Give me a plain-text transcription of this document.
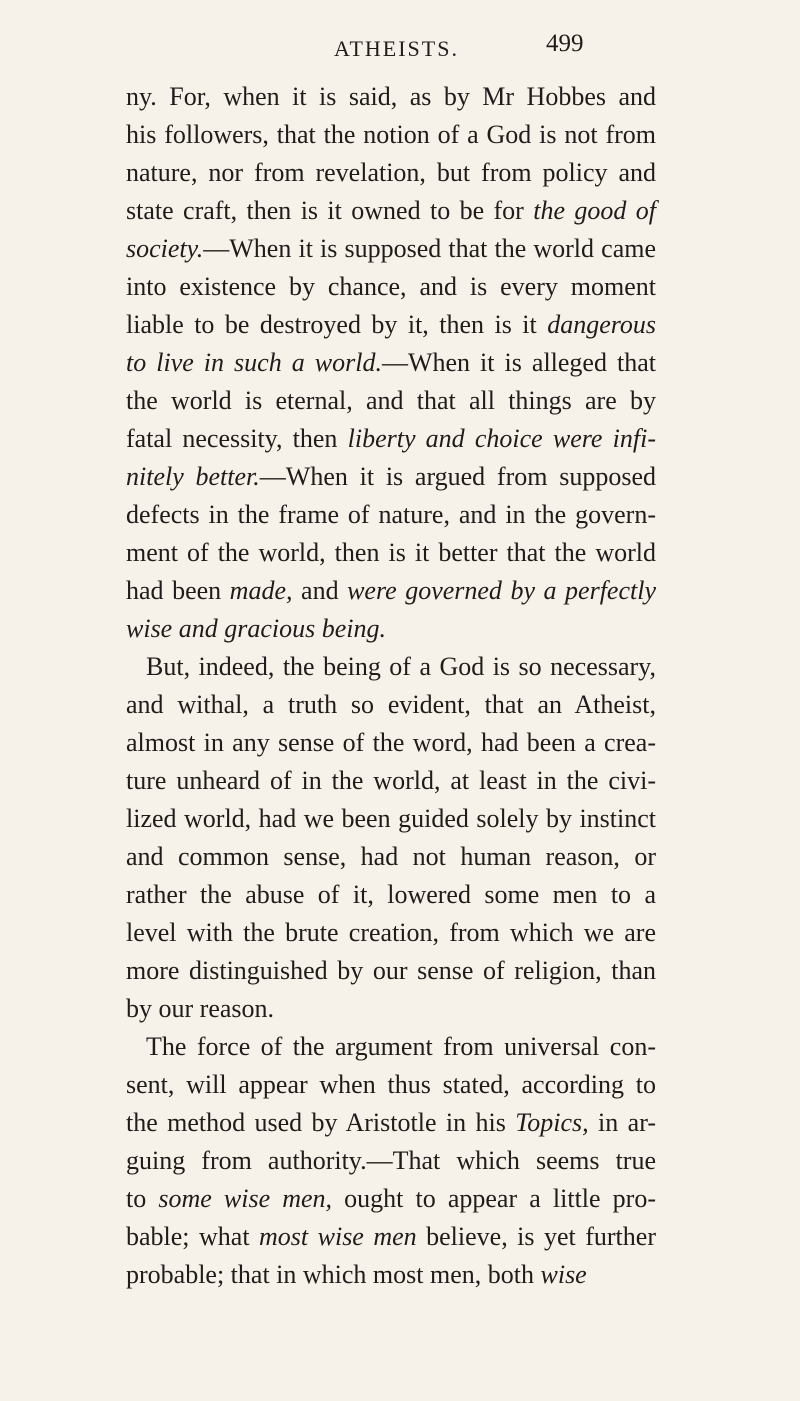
ATHEISTS.	499
ny. For, when it is said, as by Mr Hobbes and
his followers, that the notion of a God is not from
nature, nor from revelation, but from policy and
state craft, then is it owned to be for the good of
society.—When it is supposed that the world came
into existence by chance, and is every moment
liable to be destroyed by it, then is it dangerous
to live in such a world.—When it is alleged that
the world is eternal, and that all things are by
fatal necessity, then liberty and choice were infi-
nitely better.—When it is argued from supposed
defects in the frame of nature, and in the govern-
ment of the world, then is it better that the world
had been made, and were governed by a perfectly
wise and gracious being.
But, indeed, the being of a God is so necessary,
and withal, a truth so evident, that an Atheist,
almost in any sense of the word, had been a crea-
ture unheard of in the world, at least in the civi-
lized world, had we been guided solely by instinct
and common sense, had not human reason, or
rather the abuse of it, lowered some men to a
level with the brute creation, from which we are
more distinguished by our sense of religion, than
by our reason.
The force of the argument from universal con-
sent, will appear when thus stated, according to
the method used by Aristotle in his Topics, in ar-
guing from authority.—That which seems true
to some wise men, ought to appear a little pro-
bable; what most wise men believe, is yet further
probable; that in which most men, both wise
